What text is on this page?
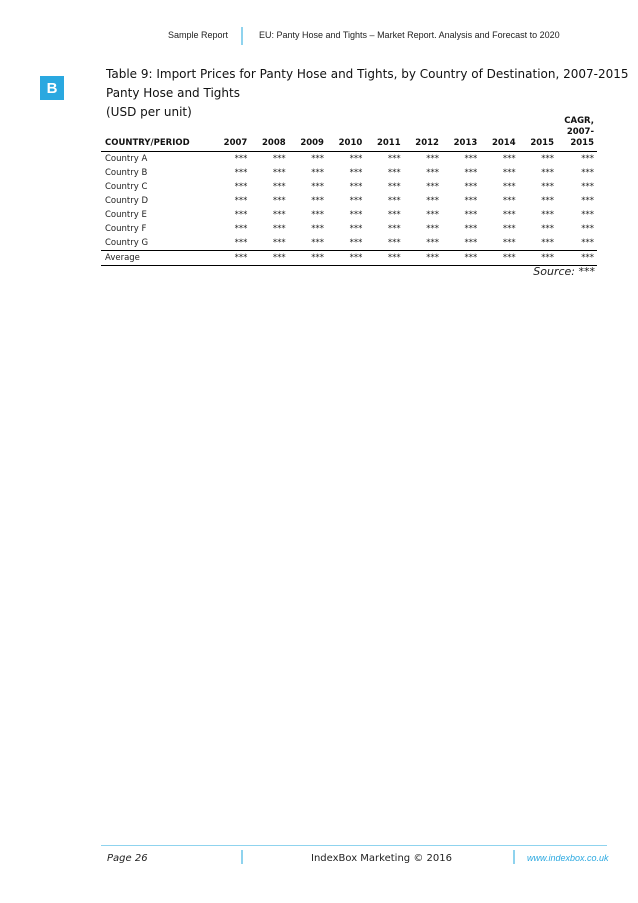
Sample Report	EU: Panty Hose and Tights – Market Report. Analysis and Forecast to 2020
B
Table 9: Import Prices for Panty Hose and Tights, by Country of Destination, 2007-2015
Panty Hose and Tights
(USD per unit)
COUNTRY/PERIOD	2007	2008	2009	2010	2011	2012	2013	2014	2015	CAGR, 2007-2015
Country A	***	***	***	***	***	***	***	***	***	***
Country B	***	***	***	***	***	***	***	***	***	***
Country C	***	***	***	***	***	***	***	***	***	***
Country D	***	***	***	***	***	***	***	***	***	***
Country E	***	***	***	***	***	***	***	***	***	***
Country F	***	***	***	***	***	***	***	***	***	***
Country G	***	***	***	***	***	***	***	***	***	***
Average	***	***	***	***	***	***	***	***	***	***
Source: ***
Page 26	IndexBox Marketing © 2016	www.indexbox.co.uk
